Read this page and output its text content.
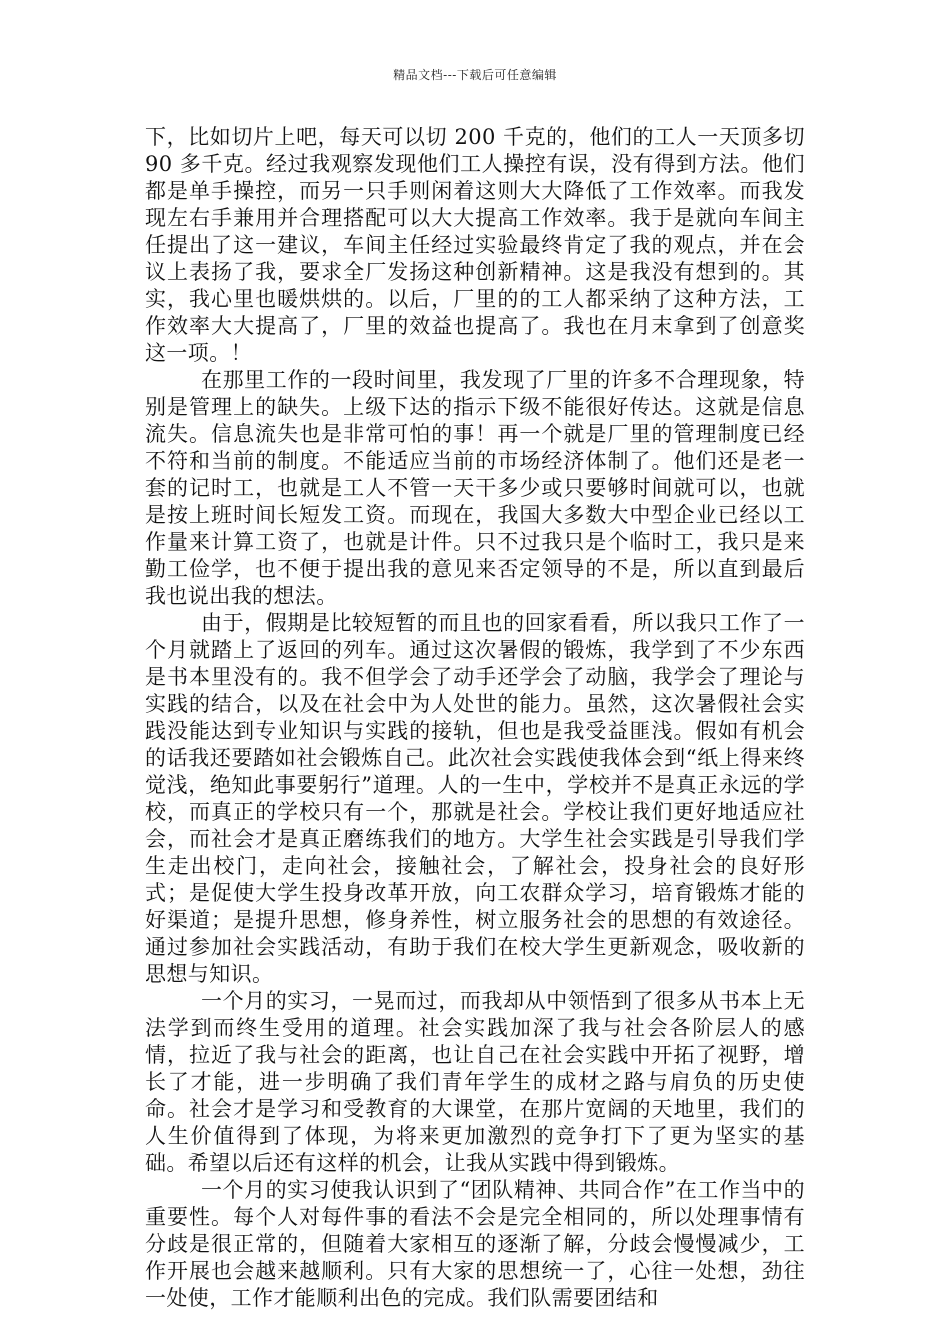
精品文档---下载后可任意编辑

下，比如切片上吧，每天可以切 200 千克的，他们的工人一天顶多切 90 多千克。经过我观察发现他们工人操控有误，没有得到方法。他们都是单手操控，而另一只手则闲着这则大大降低了工作效率。而我发现左右手兼用并合理搭配可以大大提高工作效率。我于是就向车间主任提出了这一建议，车间主任经过实验最终肯定了我的观点，并在会议上表扬了我，要求全厂发扬这种创新精神。这是我没有想到的。其实，我心里也暖烘烘的。以后，厂里的的工人都采纳了这种方法，工作效率大大提高了，厂里的效益也提高了。我也在月末拿到了创意奖这一项。！

在那里工作的一段时间里，我发现了厂里的许多不合理现象，特别是管理上的缺失。上级下达的指示下级不能很好传达。这就是信息流失。信息流失也是非常可怕的事！再一个就是厂里的管理制度已经不符和当前的制度。不能适应当前的市场经济体制了。他们还是老一套的记时工，也就是工人不管一天干多少或只要够时间就可以，也就是按上班时间长短发工资。而现在，我国大多数大中型企业已经以工作量来计算工资了，也就是计件。只不过我只是个临时工，我只是来勤工俭学，也不便于提出我的意见来否定领导的不是，所以直到最后我也说出我的想法。

由于，假期是比较短暂的而且也的回家看看，所以我只工作了一个月就踏上了返回的列车。通过这次暑假的锻炼，我学到了不少东西是书本里没有的。我不但学会了动手还学会了动脑，我学会了理论与实践的结合，以及在社会中为人处世的能力。虽然，这次暑假社会实践没能达到专业知识与实践的接轨，但也是我受益匪浅。假如有机会的话我还要踏如社会锻炼自己。此次社会实践使我体会到“纸上得来终觉浅，绝知此事要躬行”道理。人的一生中，学校并不是真正永远的学校，而真正的学校只有一个，那就是社会。学校让我们更好地适应社会，而社会才是真正磨练我们的地方。大学生社会实践是引导我们学生走出校门，走向社会，接触社会，了解社会，投身社会的良好形式；是促使大学生投身改革开放，向工农群众学习，培育锻炼才能的好渠道；是提升思想，修身养性，树立服务社会的思想的有效途径。通过参加社会实践活动，有助于我们在校大学生更新观念，吸收新的思想与知识。

一个月的实习，一晃而过，而我却从中领悟到了很多从书本上无法学到而终生受用的道理。社会实践加深了我与社会各阶层人的感情，拉近了我与社会的距离，也让自己在社会实践中开拓了视野，增长了才能，进一步明确了我们青年学生的成材之路与肩负的历史使命。社会才是学习和受教育的大课堂，在那片宽阔的天地里，我们的人生价值得到了体现，为将来更加激烈的竞争打下了更为坚实的基础。希望以后还有这样的机会，让我从实践中得到锻炼。

一个月的实习使我认识到了“团队精神、共同合作”在工作当中的重要性。每个人对每件事的看法不会是完全相同的，所以处理事情有分歧是很正常的，但随着大家相互的逐渐了解，分歧会慢慢减少，工作开展也会越来越顺利。只有大家的思想统一了，心往一处想，劲往一处使，工作才能顺利出色的完成。我们队需要团结和
